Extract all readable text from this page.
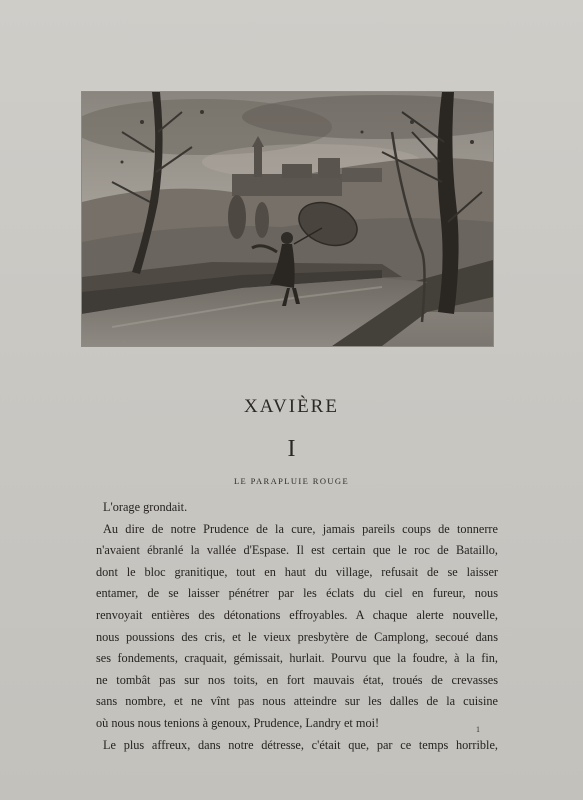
XAVIÈRE
I
LE PARAPLUIE ROUGE
L'orage grondait.
Au dire de notre Prudence de la cure, jamais pareils coups de tonnerre
n'avaient ébranlé la vallée d'Espase. Il est certain que le roc de Bataillo,
dont le bloc granitique, tout en haut du village, refusait de se laisser
entamer, de se laisser pénétrer par les éclats du ciel en fureur, nous
renvoyait entières des détonations effroyables. A chaque alerte nouvelle,
nous poussions des cris, et le vieux presbytère de Camplong, secoué dans
ses fondements, craquait, gémissait, hurlait. Pourvu que la foudre, à la fin,
ne tombât pas sur nos toits, en fort mauvais état, troués de crevasses
sans nombre, et ne vînt pas nous atteindre sur les dalles de la cuisine
où nous nous tenions à genoux, Prudence, Landry et moi!
Le plus affreux, dans notre détresse, c'était que, par ce temps horrible,
1
